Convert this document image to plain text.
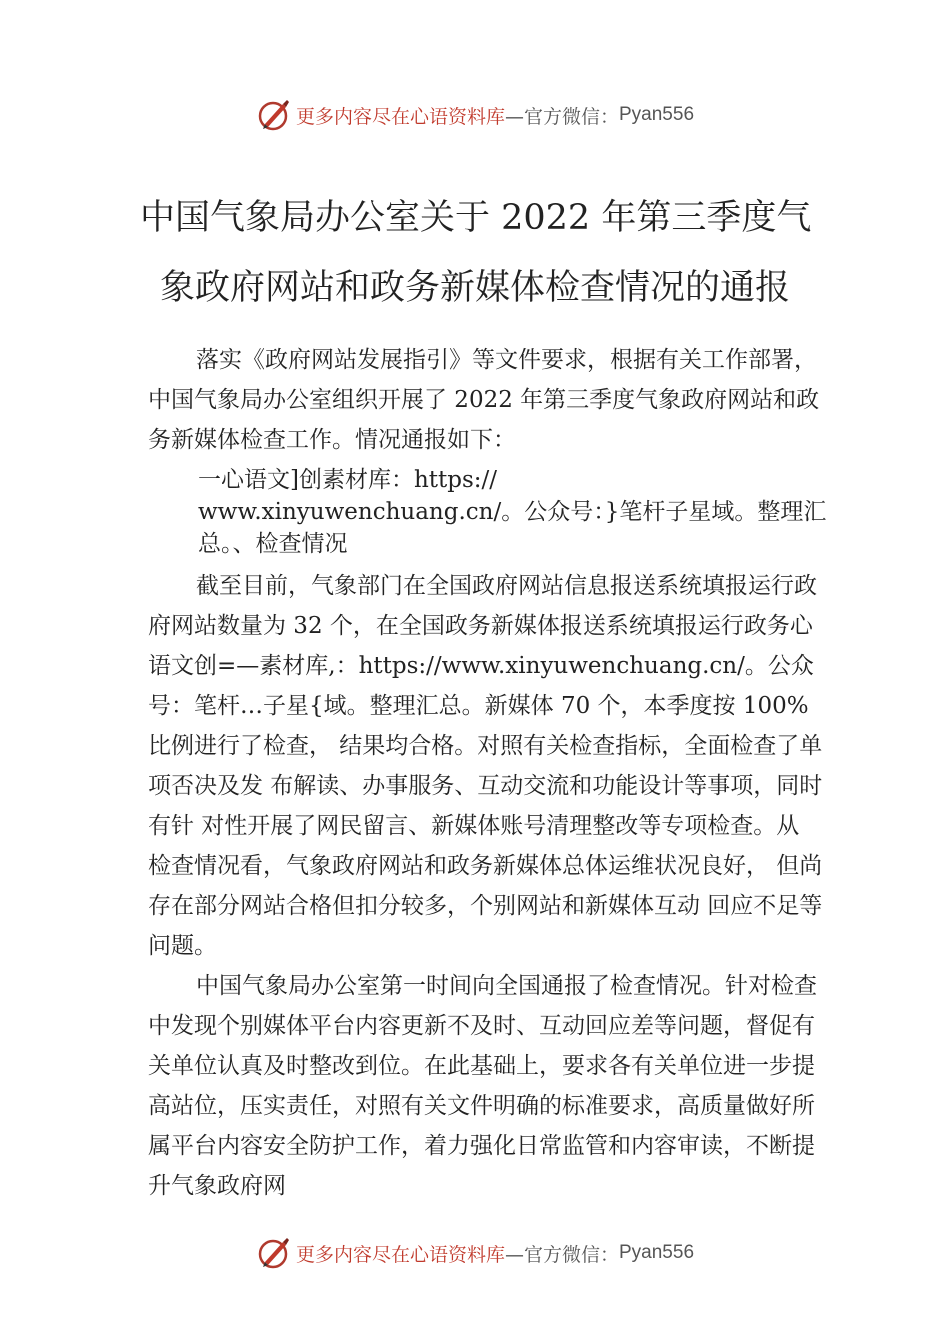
更多内容尽在心语资料库 —官方微信： Pyan556
中国气象局办公室关于 2022 年第三季度气
象政府网站和政务新媒体检查情况的通报

落实《政府网站发展指引》等文件要求，根据有关工作部署，中国气象局办公室组织开展了 2022 年第三季度气象政府网站和政务新媒体检查工作。情况通报如下：

一心语文]创素材库：https://

www.xinyuwenchuang.cn/。公众号：}笔杆子星域。整理汇总。、检查情况

截至目前，气象部门在全国政府网站信息报送系统填报运行政府网站数量为 32 个，在全国政务新媒体报送系统填报运行政务心语文创=—素材库,：https://www.xinyuwenchuang.cn/。公众号：笔杆…子星{域。整理汇总。新媒体 70 个，本季度按 100%比例进行了检查， 结果均合格。对照有关检查指标，全面检查了单项否决及发 布解读、办事服务、互动交流和功能设计等事项，同时有针 对性开展了网民留言、新媒体账号清理整改等专项检查。从 检查情况看，气象政府网站和政务新媒体总体运维状况良好， 但尚存在部分网站合格但扣分较多，个别网站和新媒体互动 回应不足等问题。

中国气象局办公室第一时间向全国通报了检查情况。针对检查中发现个别媒体平台内容更新不及时、互动回应差等问题，督促有关单位认真及时整改到位。在此基础上，要求各有关单位进一步提高站位，压实责任，对照有关文件明确的标准要求，高质量做好所属平台内容安全防护工作，着力强化日常监管和内容审读，不断提升气象政府网

更多内容尽在心语资料库 —官方微信： Pyan556
